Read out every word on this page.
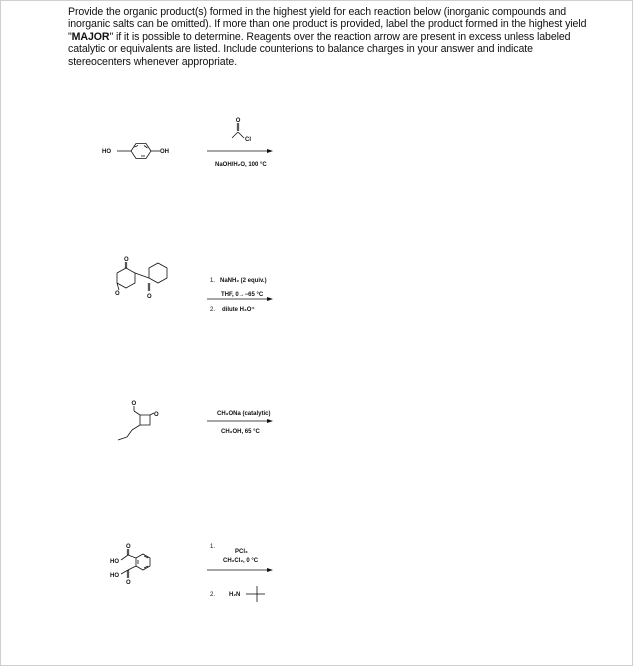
Provide the organic product(s) formed in the highest yield for each reaction below (inorganic compounds and inorganic salts can be omitted). If more than one product is provided, label the product formed in the highest yield "MAJOR" if it is possible to determine. Reagents over the reaction arrow are present in excess unless labeled catalytic or equivalents are listed. Include counterions to balance charges in your answer and indicate stereocenters whenever appropriate.
HO	OH
O
Cl
NaOH/H₂O, 100 °C
O
O	O
1. NaNH₂ (2 equiv.)
THF, 0→−65 °C
2. dilute H₃O⁺
O
O	CH₃ONa (catalytic)
CH₃OH, 65 °C
HO
HO
O
O
1.
PCl₃
CH₂Cl₂, 0 °C
2. H₂N
